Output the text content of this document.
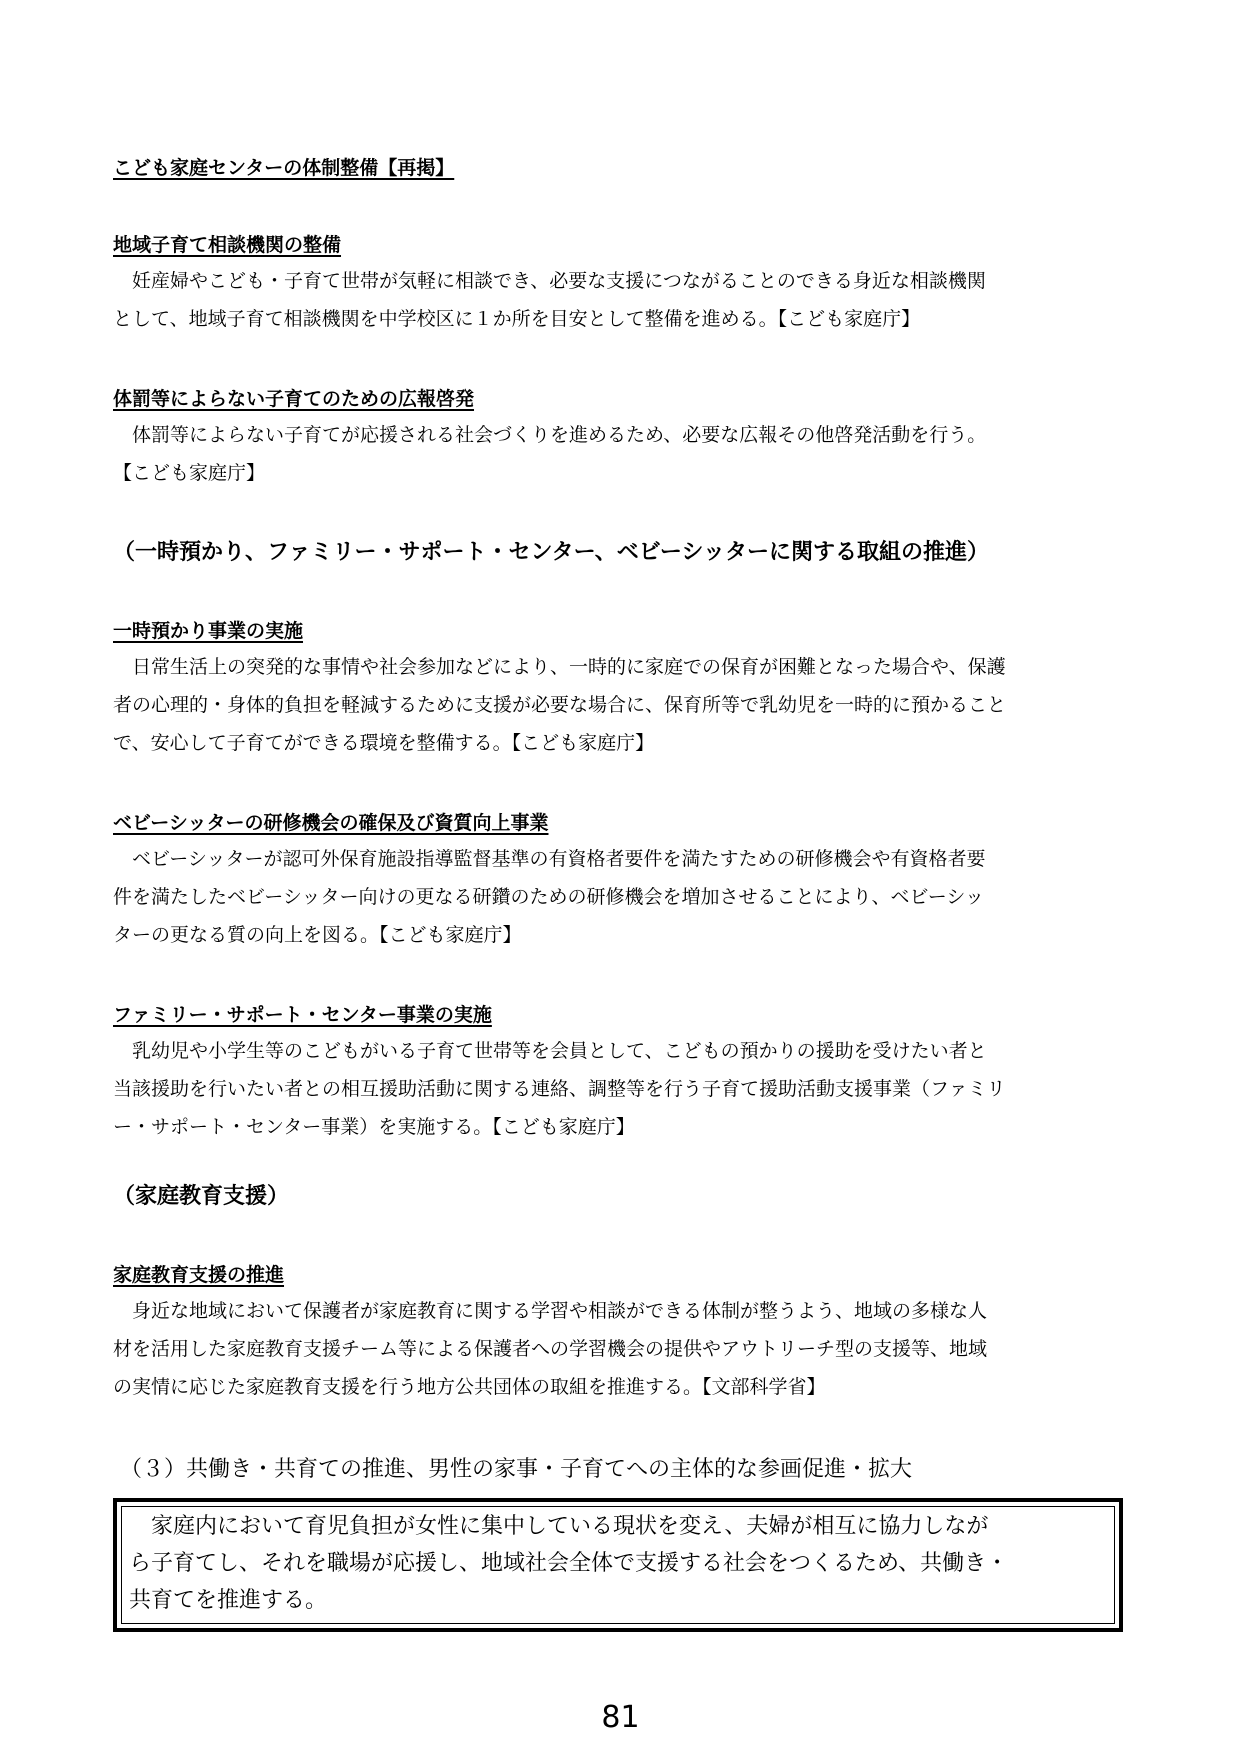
こども家庭センターの体制整備【再掲】
地域子育て相談機関の整備
　妊産婦やこども・子育て世帯が気軽に相談でき、必要な支援につながることのできる身近な相談機関
として、地域子育て相談機関を中学校区に１か所を目安として整備を進める。【こども家庭庁】
体罰等によらない子育てのための広報啓発
　体罰等によらない子育てが応援される社会づくりを進めるため、必要な広報その他啓発活動を行う。
【こども家庭庁】
（一時預かり、ファミリー・サポート・センター、ベビーシッターに関する取組の推進）
一時預かり事業の実施
　日常生活上の突発的な事情や社会参加などにより、一時的に家庭での保育が困難となった場合や、保護
者の心理的・身体的負担を軽減するために支援が必要な場合に、保育所等で乳幼児を一時的に預かること
で、安心して子育てができる環境を整備する。【こども家庭庁】
ベビーシッターの研修機会の確保及び資質向上事業
　ベビーシッターが認可外保育施設指導監督基準の有資格者要件を満たすための研修機会や有資格者要
件を満たしたベビーシッター向けの更なる研鑽のための研修機会を増加させることにより、ベビーシッ
ターの更なる質の向上を図る。【こども家庭庁】
ファミリー・サポート・センター事業の実施
　乳幼児や小学生等のこどもがいる子育て世帯等を会員として、こどもの預かりの援助を受けたい者と
当該援助を行いたい者との相互援助活動に関する連絡、調整等を行う子育て援助活動支援事業（ファミリ
ー・サポート・センター事業）を実施する。【こども家庭庁】
（家庭教育支援）
家庭教育支援の推進
　身近な地域において保護者が家庭教育に関する学習や相談ができる体制が整うよう、地域の多様な人
材を活用した家庭教育支援チーム等による保護者への学習機会の提供やアウトリーチ型の支援等、地域
の実情に応じた家庭教育支援を行う地方公共団体の取組を推進する。【文部科学省】
（３）共働き・共育ての推進、男性の家事・子育てへの主体的な参画促進・拡大
　家庭内において育児負担が女性に集中している現状を変え、夫婦が相互に協力しなが
ら子育てし、それを職場が応援し、地域社会全体で支援する社会をつくるため、共働き・
共育てを推進する。
81
